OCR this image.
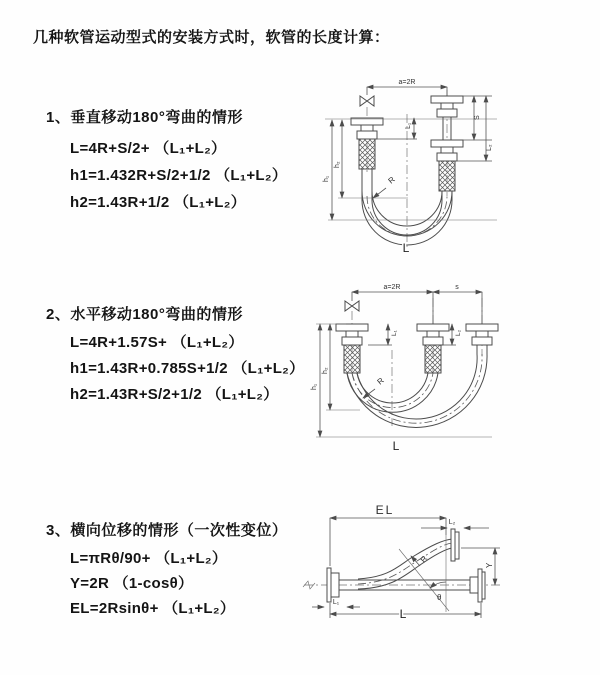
几种软管运动型式的安装方式时，软管的长度计算：
1、垂直移动180°弯曲的情形
L=4R+S/2+ （L₁+L₂）
h1=1.432R+S/2+1/2 （L₁+L₂）
h2=1.43R+1/2 （L₁+L₂）
2、水平移动180°弯曲的情形
L=4R+1.57S+ （L₁+L₂）
h1=1.43R+0.785S+1/2 （L₁+L₂）
h2=1.43R+S/2+1/2 （L₁+L₂）
3、横向位移的情形（一次性变位）
L=πRθ/90+ （L₁+L₂）
Y=2R （1-cosθ）
EL=2Rsinθ+ （L₁+L₂）
a=2R
h₁
h₂
L₁
S
L₂
R
L
a=2R	s
h₁
h₂
L₁	L₂
R
L
EL
L₂
Y
θ
R
L₁
L
